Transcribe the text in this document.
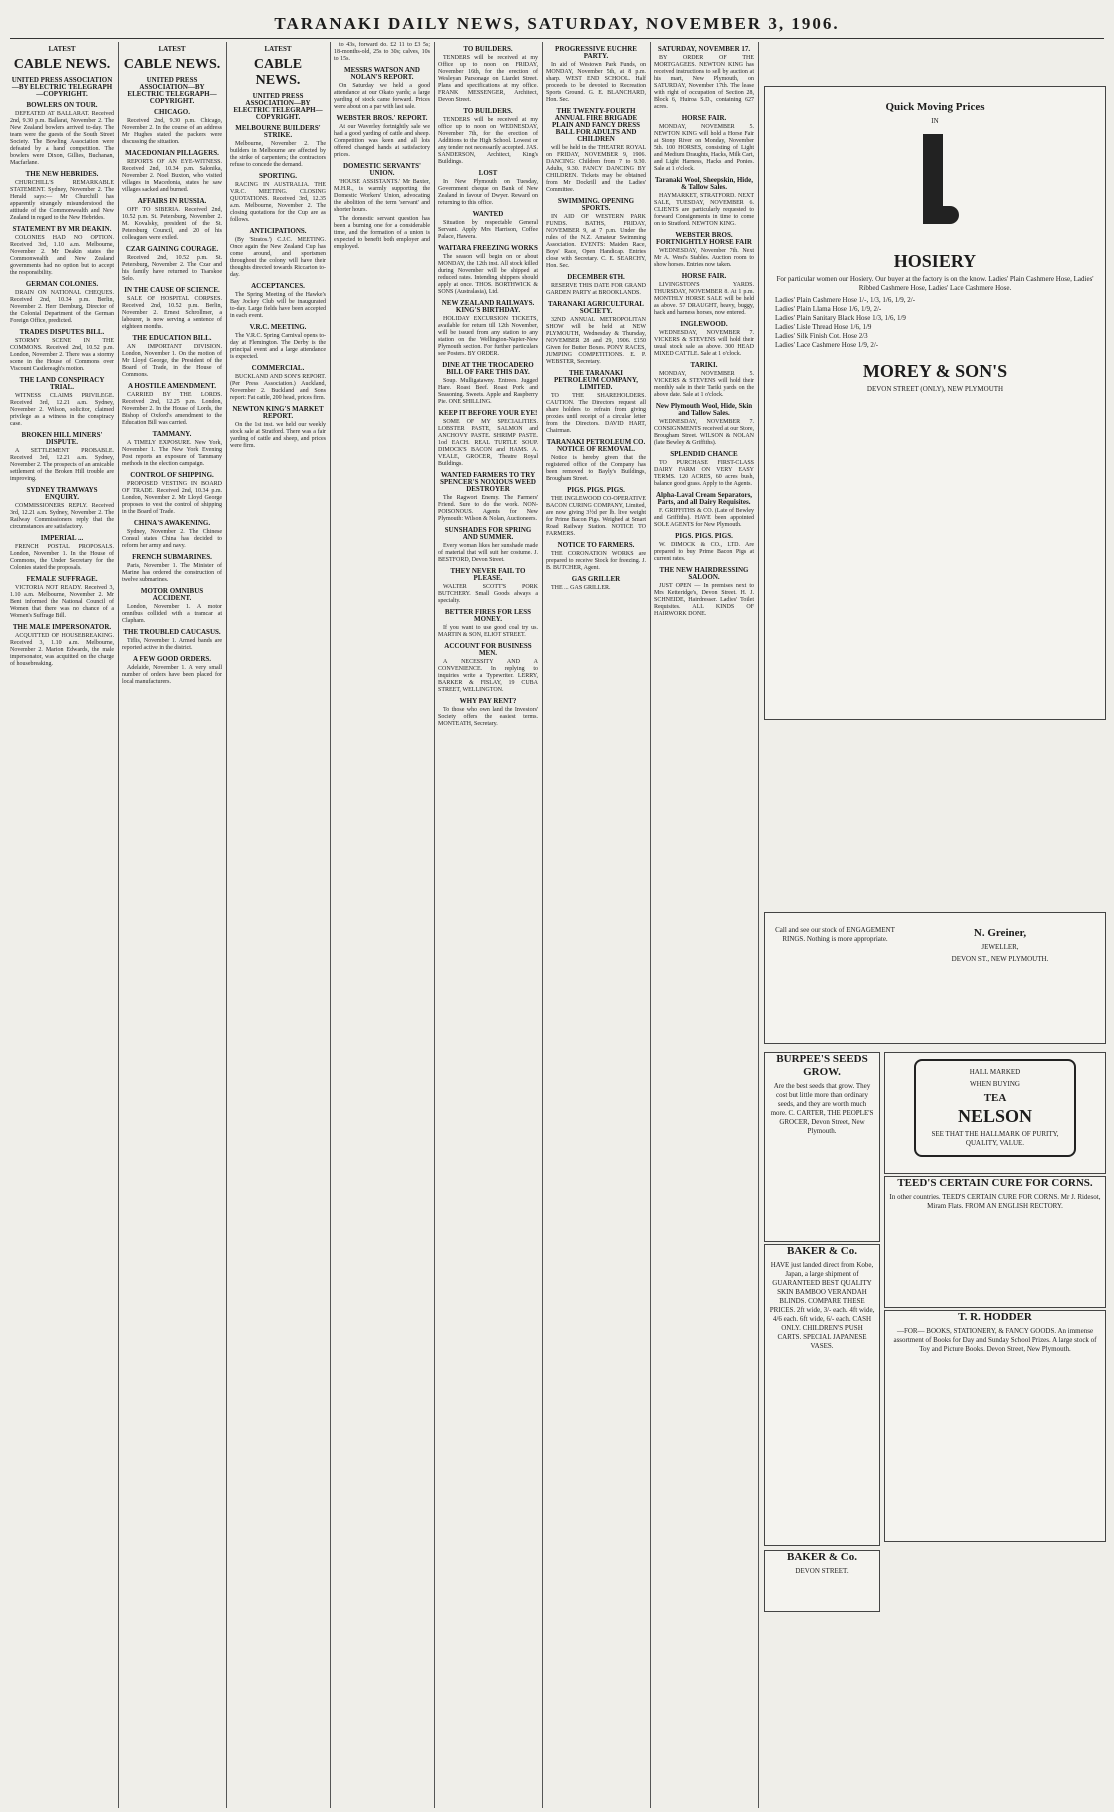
TARANAKI DAILY NEWS, SATURDAY, NOVEMBER 3, 1906.

LATEST

CABLE NEWS.

UNITED PRESS ASSOCIATION—BY ELECTRIC TELEGRAPH—COPYRIGHT.

BOWLERS ON TOUR.

DEFEATED AT BALLARAT. Received 2nd, 9.30 p.m. Ballarat, November 2. The New Zealand bowlers arrived to-day. The team were the guests of the South Street Society. The Bowling Association were defeated by a hand competition. The bowlers were Dixon, Gillies, Buchanan, Macfarlane.

THE NEW HEBRIDES.

CHURCHILL'S REMARKABLE STATEMENT. Sydney, November 2. The Herald says:— Mr Churchill has apparently strangely misunderstood the attitude of the Commonwealth and New Zealand in regard to the New Hebrides.

STATEMENT BY MR DEAKIN.

COLONIES HAD NO OPTION. Received 3rd, 1.10 a.m. Melbourne, November 2. Mr Deakin states the Commonwealth and New Zealand governments had no option but to accept the responsibility.

GERMAN COLONIES.

DRAIN ON NATIONAL CHEQUES. Received 2nd, 10.34 p.m. Berlin, November 2. Herr Dernburg, Director of the Colonial Department of the German Foreign Office, predicted.

TRADES DISPUTES BILL.

STORMY SCENE IN THE COMMONS. Received 2nd, 10.52 p.m. London, November 2. There was a stormy scene in the House of Commons over Viscount Castlereagh's motion.

THE LAND CONSPIRACY TRIAL.

WITNESS CLAIMS PRIVILEGE. Received 3rd, 12.21 a.m. Sydney, November 2. Wilson, solicitor, claimed privilege as a witness in the conspiracy case.

BROKEN HILL MINERS' DISPUTE.

A SETTLEMENT PROBABLE. Received 3rd, 12.21 a.m. Sydney, November 2. The prospects of an amicable settlement of the Broken Hill trouble are improving.

SYDNEY TRAMWAYS ENQUIRY.

COMMISSIONERS REPLY. Received 3rd, 12.21 a.m. Sydney, November 2. The Railway Commissioners reply that the circumstances are satisfactory.

IMPERIAL ...

FRENCH POSTAL PROPOSALS. London, November 1. In the House of Commons, the Under Secretary for the Colonies stated the proposals.

FEMALE SUFFRAGE.

VICTORIA NOT READY. Received 3, 1.10 a.m. Melbourne, November 2. Mr Bent informed the National Council of Women that there was no chance of a Women's Suffrage Bill.

THE MALE IMPERSONATOR.

ACQUITTED OF HOUSEBREAKING. Received 3, 1.10 a.m. Melbourne, November 2. Marion Edwards, the male impersonator, was acquitted on the charge of housebreaking.

LATEST

CABLE NEWS.

UNITED PRESS ASSOCIATION—BY ELECTRIC TELEGRAPH—COPYRIGHT.

CHICAGO.

Received 2nd, 9.30 p.m. Chicago, November 2. In the course of an address Mr Hughes stated the packers were discussing the situation.

MACEDONIAN PILLAGERS.

REPORTS OF AN EYE-WITNESS. Received 2nd, 10.34 p.m. Salonika, November 2. Noel Buxton, who visited villages in Macedonia, states he saw villages sacked and burned.

AFFAIRS IN RUSSIA.

OFF TO SIBERIA. Received 2nd, 10.52 p.m. St. Petersburg, November 2. M. Kovalsky, president of the St. Petersburg Council, and 20 of his colleagues were exiled.

CZAR GAINING COURAGE.

Received 2nd, 10.52 p.m. St. Petersburg, November 2. The Czar and his family have returned to Tsarskoe Selo.

IN THE CAUSE OF SCIENCE.

SALE OF HOSPITAL CORPSES. Received 2nd, 10.52 p.m. Berlin, November 2. Ernest Schrollmer, a labourer, is now serving a sentence of eighteen months.

THE EDUCATION BILL.

AN IMPORTANT DIVISION. London, November 1. On the motion of Mr Lloyd George, the President of the Board of Trade, in the House of Commons.

A HOSTILE AMENDMENT.

CARRIED BY THE LORDS. Received 2nd, 12.25 p.m. London, November 2. In the House of Lords, the Bishop of Oxford's amendment to the Education Bill was carried.

TAMMANY.

A TIMELY EXPOSURE. New York, November 1. The New York Evening Post reports an exposure of Tammany methods in the election campaign.

CONTROL OF SHIPPING.

PROPOSED VESTING IN BOARD OF TRADE. Received 2nd, 10.34 p.m. London, November 2. Mr Lloyd George proposes to vest the control of shipping in the Board of Trade.

CHINA'S AWAKENING.

Sydney, November 2. The Chinese Consul states China has decided to reform her army and navy.

FRENCH SUBMARINES.

Paris, November 1. The Minister of Marine has ordered the construction of twelve submarines.

MOTOR OMNIBUS ACCIDENT.

London, November 1. A motor omnibus collided with a tramcar at Clapham.

THE TROUBLED CAUCASUS.

Tiflis, November 1. Armed bands are reported active in the district.

A FEW GOOD ORDERS.

Adelaide, November 1. A very small number of orders have been placed for local manufacturers.

LATEST

CABLE NEWS.

UNITED PRESS ASSOCIATION—BY ELECTRIC TELEGRAPH—COPYRIGHT.

MELBOURNE BUILDERS' STRIKE.

Melbourne, November 2. The builders in Melbourne are affected by the strike of carpenters; the contractors refuse to concede the demand.

SPORTING.

RACING IN AUSTRALIA. THE V.R.C. MEETING. CLOSING QUOTATIONS. Received 3rd, 12.35 a.m. Melbourne, November 2. The closing quotations for the Cup are as follows.

ANTICIPATIONS.

(By 'Stratos.') C.J.C. MEETING. Once again the New Zealand Cup has come around, and sportsmen throughout the colony will have their thoughts directed towards Riccarton to-day.

ACCEPTANCES.

The Spring Meeting of the Hawke's Bay Jockey Club will be inaugurated to-day. Large fields have been accepted in each event.

V.R.C. MEETING.

The V.R.C. Spring Carnival opens to-day at Flemington. The Derby is the principal event and a large attendance is expected.

COMMERCIAL.

BUCKLAND AND SON'S REPORT. (Per Press Association.) Auckland, November 2. Buckland and Sons report: Fat cattle, 200 head, prices firm.

NEWTON KING'S MARKET REPORT.

On the 1st inst. we held our weekly stock sale at Stratford. There was a fair yarding of cattle and sheep, and prices were firm.

to 43s, forward do. £2 11 to £3 5s; 18-months-old, 25s to 30s; calves, 10s to 15s.

MESSRS WATSON AND NOLAN'S REPORT.

On Saturday we held a good attendance at our Okato yards; a large yarding of stock came forward. Prices were about on a par with last sale.

WEBSTER BROS.' REPORT.

At our Waverley fortnightly sale we had a good yarding of cattle and sheep. Competition was keen and all lots offered changed hands at satisfactory prices.

DOMESTIC SERVANTS' UNION.

'HOUSE ASSISTANTS.' Mr Baxter, M.H.R., is warmly supporting the Domestic Workers' Union, advocating the abolition of the term 'servant' and shorter hours.

The domestic servant question has been a burning one for a considerable time, and the formation of a union is expected to benefit both employer and employed.

TO BUILDERS.

TENDERS will be received at my Office up to noon on FRIDAY, November 16th, for the erection of Wesleyan Parsonage on Liardet Street. Plans and specifications at my office. FRANK MESSENGER, Architect, Devon Street.

TO BUILDERS.

TENDERS will be received at my office up to noon on WEDNESDAY, November 7th, for the erection of Additions to the High School. Lowest or any tender not necessarily accepted. JAS. SANDERSON, Architect, King's Buildings.

LOST

In New Plymouth on Tuesday, Government cheque on Bank of New Zealand in favour of Dwyer. Reward on returning to this office.

WANTED

Situation by respectable General Servant. Apply Mrs Harrison, Coffee Palace, Hawera.

WAITARA FREEZING WORKS

The season will begin on or about MONDAY, the 12th inst. All stock killed during November will be shipped at reduced rates. Intending shippers should apply at once. THOS. BORTHWICK & SONS (Australasia), Ltd.

NEW ZEALAND RAILWAYS. KING'S BIRTHDAY.

HOLIDAY EXCURSION TICKETS, available for return till 12th November, will be issued from any station to any station on the Wellington-Napier-New Plymouth section. For further particulars see Posters. BY ORDER.

DINE AT THE TROCADERO BILL OF FARE THIS DAY.

Soup. Mulligatawny. Entrees. Jugged Hare. Roast Beef. Roast Pork and Seasoning. Sweets. Apple and Raspberry Pie. ONE SHILLING.

KEEP IT BEFORE YOUR EYE!

SOME OF MY SPECIALITIES. LOBSTER PASTE, SALMON and ANCHOVY PASTE. SHRIMP PASTE. 1od EACH. REAL TURTLE SOUP. DIMOCK'S BACON and HAMS. A. VEALE, GROCER, Theatre Royal Buildings.

WANTED FARMERS TO TRY SPENCER'S NOXIOUS WEED DESTROYER

The Ragwort Enemy. The Farmers' Friend. Sure to do the work. NON-POISONOUS. Agents for New Plymouth: Wilson & Nolan, Auctioneers.

SUNSHADES FOR SPRING AND SUMMER.

Every woman likes her sunshade made of material that will suit her costume. J. BESTFORD, Devon Street.

THEY NEVER FAIL TO PLEASE.

WALTER SCOTT'S PORK BUTCHERY. Small Goods always a specialty.

BETTER FIRES FOR LESS MONEY.

If you want to use good coal try us. MARTIN & SON, ELIOT STREET.

ACCOUNT FOR BUSINESS MEN.

A NECESSITY AND A CONVENIENCE. In replying to inquiries write a Typewriter. LERRY, BARKER & FISLAY, 19 CUBA STREET, WELLINGTON.

WHY PAY RENT?

To those who own land the Investors' Society offers the easiest terms. MONTEATH, Secretary.

PROGRESSIVE EUCHRE PARTY.

In aid of Westown Park Funds, on MONDAY, November 5th, at 8 p.m. sharp. WEST END SCHOOL. Half proceeds to be devoted to Recreation Sports Ground. G. E. BLANCHARD, Hon. Sec.

THE TWENTY-FOURTH ANNUAL FIRE BRIGADE PLAIN AND FANCY DRESS BALL FOR ADULTS AND CHILDREN

will be held in the THEATRE ROYAL on FRIDAY, NOVEMBER 9, 1906. DANCING: Children from 7 to 9.30. Adults, 9.30. FANCY DANCING BY CHILDREN. Tickets may be obtained from Mr Dockrill and the Ladies' Committee.

SWIMMING. OPENING SPORTS.

IN AID OF WESTERN PARK FUNDS. BATHS, FRIDAY, NOVEMBER 9, at 7 p.m. Under the rules of the N.Z. Amateur Swimming Association. EVENTS: Maiden Race, Boys' Race, Open Handicap. Entries close with Secretary. C. E. SEARCHY, Hon. Sec.

DECEMBER 6TH.

RESERVE THIS DATE FOR GRAND GARDEN PARTY at BROOKLANDS.

TARANAKI AGRICULTURAL SOCIETY.

32ND ANNUAL METROPOLITAN SHOW will be held at NEW PLYMOUTH, Wednesday & Thursday, NOVEMBER 28 and 29, 1906. £150 Given for Butter Boxes. PONY RACES, JUMPING COMPETITIONS. E. P. WEBSTER, Secretary.

THE TARANAKI PETROLEUM COMPANY, LIMITED.

TO THE SHAREHOLDERS. CAUTION. The Directors request all share holders to refrain from giving proxies until receipt of a circular letter from the Directors. DAVID HART, Chairman.

TARANAKI PETROLEUM CO. NOTICE OF REMOVAL.

Notice is hereby given that the registered office of the Company has been removed to Bayly's Buildings, Brougham Street.

PIGS. PIGS. PIGS.

THE INGLEWOOD CO-OPERATIVE BACON CURING COMPANY, Limited, are now giving 3½d per lb. live weight for Prime Bacon Pigs. Weighed at Smart Road Railway Station. NOTICE TO FARMERS.

NOTICE TO FARMERS.

THE CORONATION WORKS are prepared to receive Stock for freezing. J. B. BUTCHER, Agent.

GAS GRILLER

THE ... GAS GRILLER.

SATURDAY, NOVEMBER 17.

BY ORDER OF THE MORTGAGEES. NEWTON KING has received instructions to sell by auction at his mart, New Plymouth, on SATURDAY, November 17th. The lease with right of occupation of Section 28, Block 6, Huiroa S.D., containing 627 acres.

HORSE FAIR.

MONDAY, NOVEMBER 5. NEWTON KING will hold a Horse Fair at Stony River on Monday, November 5th. 100 HORSES, consisting of Light and Medium Draughts, Hacks, Milk Cart, and Light Harness, Hacks and Ponies. Sale at 1 o'clock.

Taranaki Wool, Sheepskin, Hide, & Tallow Sales.

HAYMARKET, STRATFORD. NEXT SALE, TUESDAY, NOVEMBER 6. CLIENTS are particularly requested to forward Consignments in time to come on to Stratford. NEWTON KING.

WEBSTER BROS. FORTNIGHTLY HORSE FAIR

WEDNESDAY, November 7th. Next Mr A. West's Stables. Auction room to show horses. Entries now taken.

HORSE FAIR.

LIVINGSTON'S YARDS. THURSDAY, NOVEMBER 8. At 1 p.m. MONTHLY HORSE SALE will be held as above. 57 DRAUGHT, heavy, buggy, hack and harness horses, now entered.

INGLEWOOD.

WEDNESDAY, NOVEMBER 7. VICKERS & STEVENS will hold their usual stock sale as above. 300 HEAD MIXED CATTLE. Sale at 1 o'clock.

TARIKI.

MONDAY, NOVEMBER 5. VICKERS & STEVENS will hold their monthly sale in their Tariki yards on the above date. Sale at 1 o'clock.

New Plymouth Wool, Hide, Skin and Tallow Sales.

WEDNESDAY, NOVEMBER 7. CONSIGNMENTS received at our Store, Brougham Street. WILSON & NOLAN (late Bewley & Griffiths).

SPLENDID CHANCE

TO PURCHASE FIRST-CLASS DAIRY FARM ON VERY EASY TERMS. 120 ACRES, 60 acres bush, balance good grass. Apply to the Agents.

Alpha-Laval Cream Separators, Parts, and all Dairy Requisites.

F. GRIFFITHS & CO. (Late of Bewley and Griffiths). HAVE been appointed SOLE AGENTS for New Plymouth.

PIGS. PIGS. PIGS.

W. DIMOCK & CO., LTD. Are prepared to buy Prime Bacon Pigs at current rates.

THE NEW HAIRDRESSING SALOON.

JUST OPEN — In premises next to Mrs Ketteridge's, Devon Street. H. J. SCHNEIDE, Hairdresser. Ladies' Toilet Requisites. ALL KINDS OF HAIRWORK DONE.

Quick Moving Prices
IN
HOSIERY
For particular women our Hosiery. Our buyer at the factory is on the know. Ladies' Plain Cashmere Hose, Ladies' Ribbed Cashmere Hose, Ladies' Lace Cashmere Hose.
Ladies' Plain Cashmere Hose 1/-, 1/3, 1/6, 1/9, 2/-
Ladies' Plain Llama Hose 1/6, 1/9, 2/-
Ladies' Plain Sanitary Black Hose 1/3, 1/6, 1/9
Ladies' Lisle Thread Hose 1/6, 1/9
Ladies' Silk Finish Cot. Hose 2/3
Ladies' Lace Cashmere Hose 1/9, 2/-
MOREY & SON'S
DEVON STREET (ONLY), NEW PLYMOUTH
Call and see our stock of ENGAGEMENT RINGS. Nothing is more appropriate.	N. Greiner,
JEWELLER,
DEVON ST., NEW PLYMOUTH.
BURPEE'S SEEDS GROW.
Are the best seeds that grow. They cost but little more than ordinary seeds, and they are worth much more. C. CARTER, THE PEOPLE'S GROCER, Devon Street, New Plymouth.
HALL MARKED
WHEN BUYING
TEA
NELSON
SEE THAT THE HALLMARK OF PURITY, QUALITY, VALUE.
TEED'S CERTAIN CURE FOR CORNS.
In other countries. TEED'S CERTAIN CURE FOR CORNS. Mr J. Ridesot, Miram Flats. FROM AN ENGLISH RECTORY.
BAKER & Co.
HAVE just landed direct from Kobe, Japan, a large shipment of GUARANTEED BEST QUALITY SKIN BAMBOO VERANDAH BLINDS. COMPARE THESE PRICES. 2ft wide, 3/- each. 4ft wide, 4/6 each. 6ft wide, 6/- each. CASH ONLY. CHILDREN'S PUSH CARTS. SPECIAL JAPANESE VASES.
T. R. HODDER
—FOR— BOOKS, STATIONERY, & FANCY GOODS. An immense assortment of Books for Day and Sunday School Prizes. A large stock of Toy and Picture Books. Devon Street, New Plymouth.
BAKER & Co.
DEVON STREET.
